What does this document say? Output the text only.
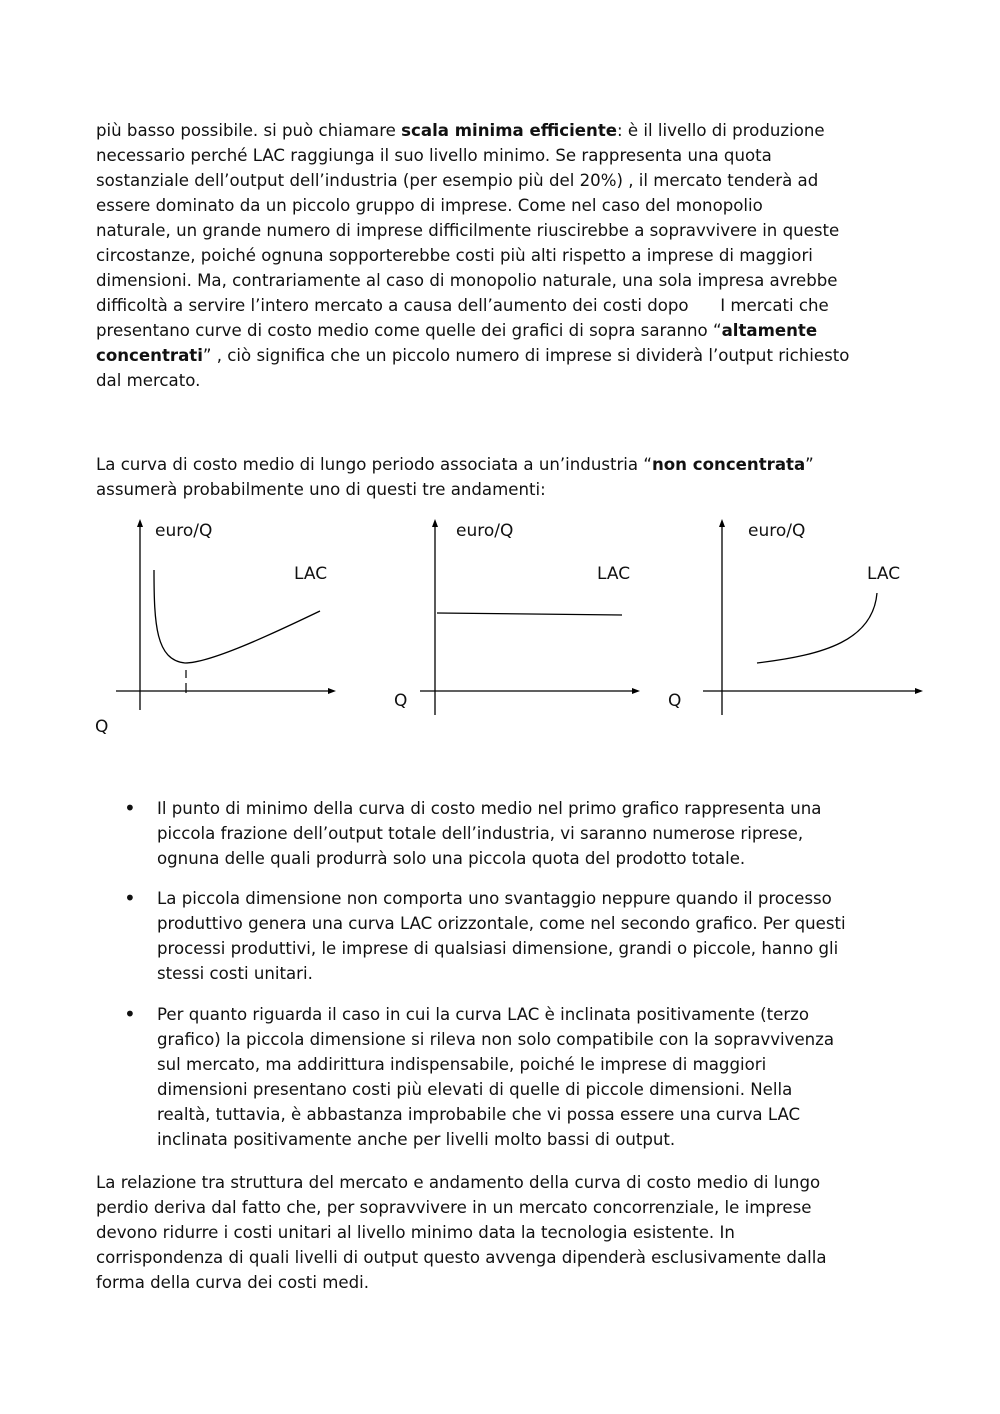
più basso possibile. si può chiamare scala minima efficiente: è il livello di produzione
necessario perché LAC raggiunga il suo livello minimo. Se rappresenta una quota
sostanziale dell’output dell’industria (per esempio più del 20%) , il mercato tenderà ad
essere dominato da un piccolo gruppo di imprese. Come nel caso del monopolio
naturale, un grande numero di imprese difficilmente riuscirebbe a sopravvivere in queste
circostanze, poiché ognuna sopporterebbe costi più alti rispetto a imprese di maggiori
dimensioni. Ma, contrariamente al caso di monopolio naturale, una sola impresa avrebbe
difficoltà a servire l’intero mercato a causa dell’aumento dei costi dopo      I mercati che
presentano curve di costo medio come quelle dei grafici di sopra saranno “altamente
concentrati” , ciò significa che un piccolo numero di imprese si dividerà l’output richiesto
dal mercato.
La curva di costo medio di lungo periodo associata a un’industria “non concentrata”
assumerà probabilmente uno di questi tre andamenti:
euro/Q
LAC
Q
euro/Q
LAC
Q
euro/Q
LAC
Q
• Il punto di minimo della curva di costo medio nel primo grafico rappresenta una
piccola frazione dell’output totale dell’industria, vi saranno numerose riprese,
ognuna delle quali produrrà solo una piccola quota del prodotto totale.
• La piccola dimensione non comporta uno svantaggio neppure quando il processo
produttivo genera una curva LAC orizzontale, come nel secondo grafico. Per questi
processi produttivi, le imprese di qualsiasi dimensione, grandi o piccole, hanno gli
stessi costi unitari.
• Per quanto riguarda il caso in cui la curva LAC è inclinata positivamente (terzo
grafico) la piccola dimensione si rileva non solo compatibile con la sopravvivenza
sul mercato, ma addirittura indispensabile, poiché le imprese di maggiori
dimensioni presentano costi più elevati di quelle di piccole dimensioni. Nella
realtà, tuttavia, è abbastanza improbabile che vi possa essere una curva LAC
inclinata positivamente anche per livelli molto bassi di output.
La relazione tra struttura del mercato e andamento della curva di costo medio di lungo
perdio deriva dal fatto che, per sopravvivere in un mercato concorrenziale, le imprese
devono ridurre i costi unitari al livello minimo data la tecnologia esistente. In
corrispondenza di quali livelli di output questo avvenga dipenderà esclusivamente dalla
forma della curva dei costi medi.
